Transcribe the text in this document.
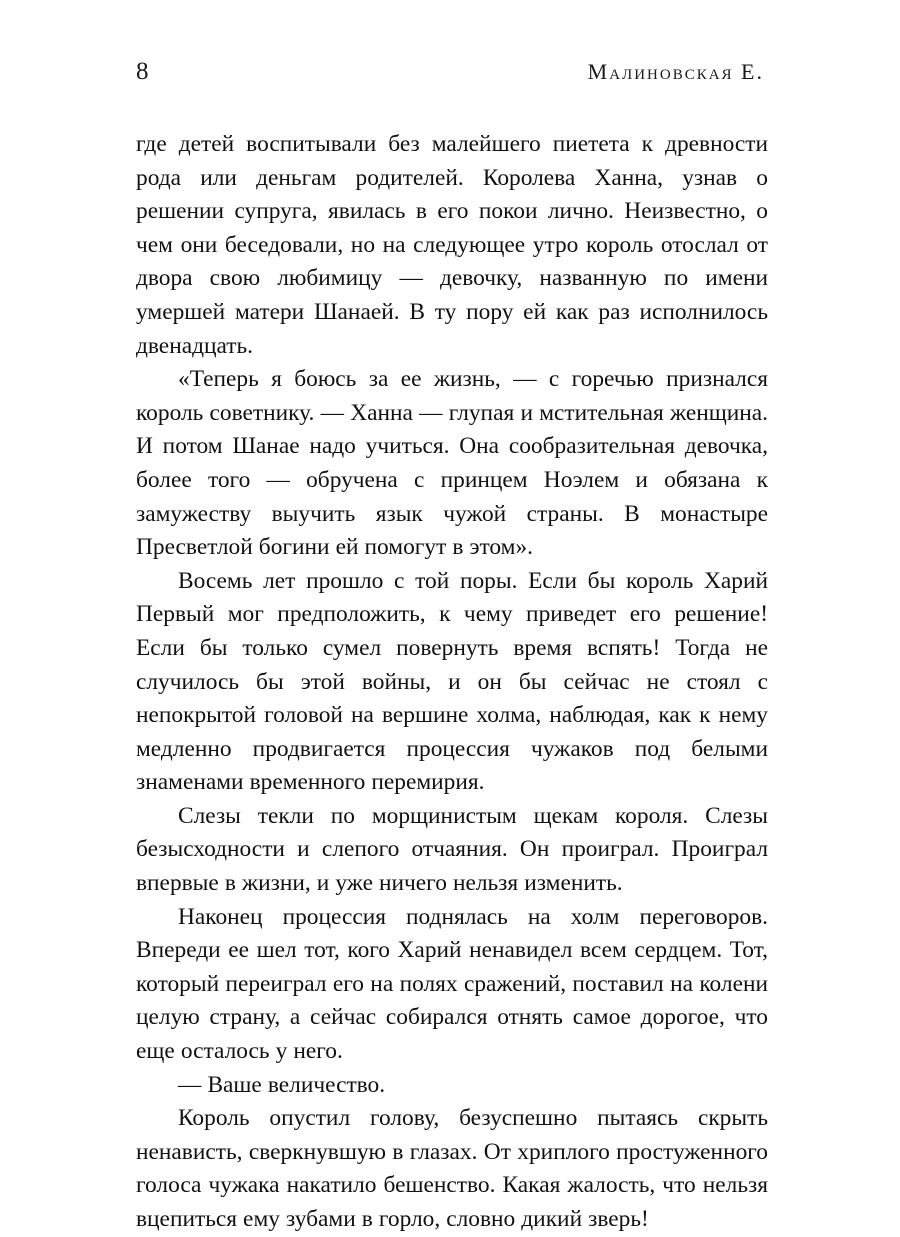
8	Малиновская Е.

где детей воспитывали без малейшего пиетета к древности рода или деньгам родителей. Королева Ханна, узнав о решении супруга, явилась в его покои лично. Неизвестно, о чем они беседовали, но на следующее утро король отослал от двора свою любимицу — девочку, названную по имени умершей матери Шанаей. В ту пору ей как раз исполнилось двенадцать.

«Теперь я боюсь за ее жизнь, — с горечью признался король советнику. — Ханна — глупая и мстительная женщина. И потом Шанае надо учиться. Она сообразительная девочка, более того — обручена с принцем Ноэлем и обязана к замужеству выучить язык чужой страны. В монастыре Пресветлой богини ей помогут в этом».

Восемь лет прошло с той поры. Если бы король Харий Первый мог предположить, к чему приведет его решение! Если бы только сумел повернуть время вспять! Тогда не случилось бы этой войны, и он бы сейчас не стоял с непокрытой головой на вершине холма, наблюдая, как к нему медленно продвигается процессия чужаков под белыми знаменами временного перемирия.

Слезы текли по морщинистым щекам короля. Слезы безысходности и слепого отчаяния. Он проиграл. Проиграл впервые в жизни, и уже ничего нельзя изменить.

Наконец процессия поднялась на холм переговоров. Впереди ее шел тот, кого Харий ненавидел всем сердцем. Тот, который переиграл его на полях сражений, поставил на колени целую страну, а сейчас собирался отнять самое дорогое, что еще осталось у него.

— Ваше величество.

Король опустил голову, безуспешно пытаясь скрыть ненависть, сверкнувшую в глазах. От хриплого простуженного голоса чужака накатило бешенство. Какая жалость, что нельзя вцепиться ему зубами в горло, словно дикий зверь!
